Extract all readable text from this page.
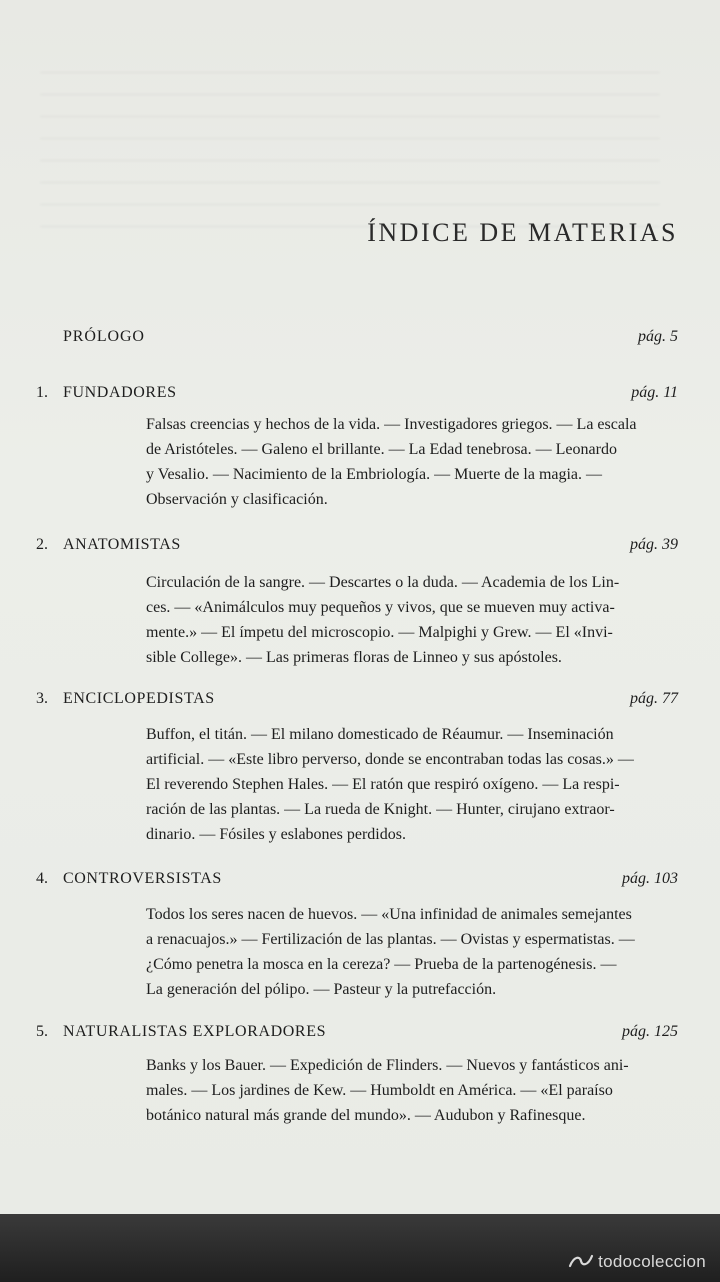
ÍNDICE DE MATERIAS
PRÓLOGO	pág. 5
1. FUNDADORES	pág. 11
Falsas creencias y hechos de la vida. — Investigadores griegos. — La escala
de Aristóteles. — Galeno el brillante. — La Edad tenebrosa. — Leonardo
y Vesalio. — Nacimiento de la Embriología. — Muerte de la magia. —
Observación y clasificación.
2. ANATOMISTAS	pág. 39
Circulación de la sangre. — Descartes o la duda. — Academia de los Lin-
ces. — «Animálculos muy pequeños y vivos, que se mueven muy activa-
mente.» — El ímpetu del microscopio. — Malpighi y Grew. — El «Invi-
sible College». — Las primeras floras de Linneo y sus apóstoles.
3. ENCICLOPEDISTAS	pág. 77
Buffon, el titán. — El milano domesticado de Réaumur. — Inseminación
artificial. — «Este libro perverso, donde se encontraban todas las cosas.» —
El reverendo Stephen Hales. — El ratón que respiró oxígeno. — La respi-
ración de las plantas. — La rueda de Knight. — Hunter, cirujano extraor-
dinario. — Fósiles y eslabones perdidos.
4. CONTROVERSISTAS	pág. 103
Todos los seres nacen de huevos. — «Una infinidad de animales semejantes
a renacuajos.» — Fertilización de las plantas. — Ovistas y espermatistas. —
¿Cómo penetra la mosca en la cereza? — Prueba de la partenogénesis. —
La generación del pólipo. — Pasteur y la putrefacción.
5. NATURALISTAS EXPLORADORES	pág. 125
Banks y los Bauer. — Expedición de Flinders. — Nuevos y fantásticos ani-
males. — Los jardines de Kew. — Humboldt en América. — «El paraíso
botánico natural más grande del mundo». — Audubon y Rafinesque.
todocoleccion
